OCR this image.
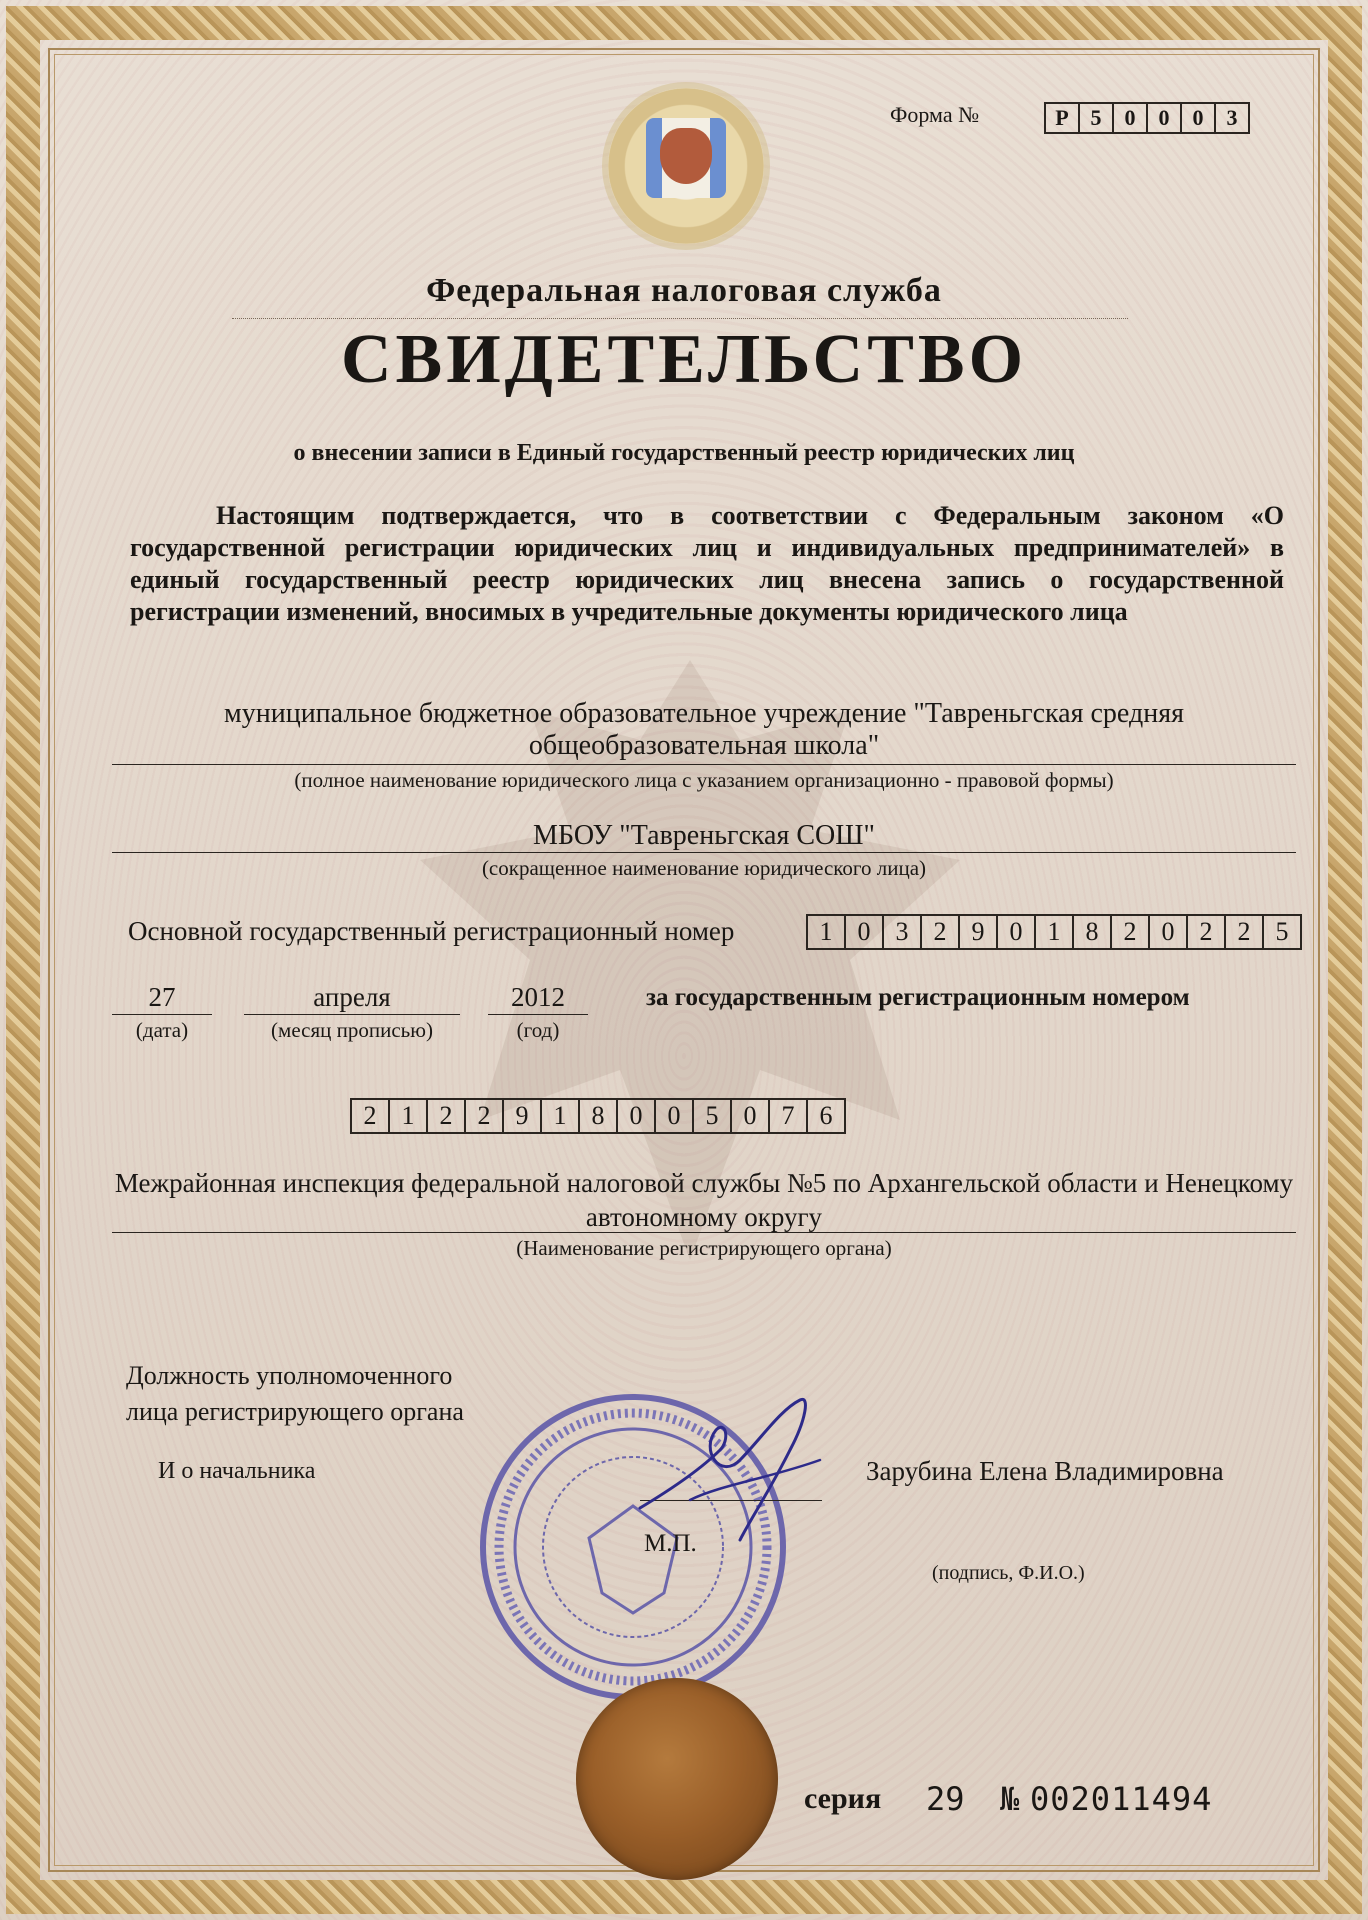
Форма №	Р 5	0	0	0	3
Федеральная налоговая служба
СВИДЕТЕЛЬСТВО
о внесении записи в Единый государственный реестр юридических лиц
Настоящим подтверждается, что в соответствии с Федеральным законом «О государственной регистрации юридических лиц и индивидуальных предпринимателей» в единый государственный реестр юридических лиц внесена запись о государственной регистрации изменений, вносимых в учредительные документы юридического лица
муниципальное бюджетное образовательное учреждение "Тавреньгская средняя общеобразовательная школа"
(полное наименование юридического лица с указанием организационно - правовой формы)
МБОУ "Тавреньгская СОШ"
(сокращенное наименование юридического лица)
Основной государственный регистрационный номер	1 0 3 2 9 0 1 8 2 0 2 2 5
27
(дата)
апреля
(месяц прописью)
2012
(год)
за государственным регистрационным номером
2 1 2 2 9 1 8 0 0 5 0 7 6
Межрайонная инспекция федеральной налоговой службы №5 по Архангельской области и Ненецкому автономному округу
(Наименование регистрирующего органа)
Должность уполномоченного
лица регистрирующего органа
И о начальника
М.П.
Зарубина Елена Владимировна
(подпись, Ф.И.О.)
серия 29 № 002011494
